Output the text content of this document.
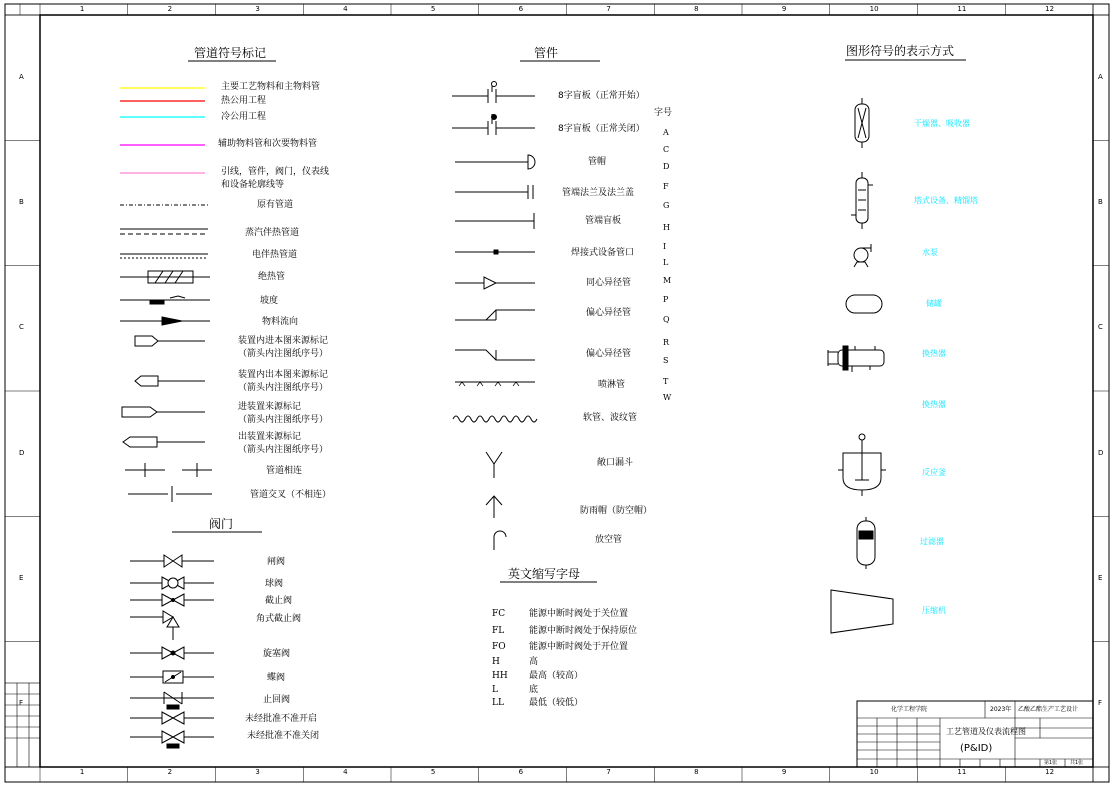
管道符号标记	管件	图形符号的表示方式
阀门
英文缩写字母
主要工艺物料和主物料管
热公用工程
冷公用工程
辅助物料管和次要物料管
引线，管件，阀门，仪表线
和设备轮廓线等
原有管道
蒸汽伴热管道
电伴热管道
绝热管
坡度
物料流向
装置内进本图来源标记
（箭头内注图纸序号）
装置内出本图来源标记
（箭头内注图纸序号）
进装置来源标记
（箭头内注图纸序号）
出装置来源标记
（箭头内注图纸序号）
管道相连
管道交叉（不相连）
闸阀
球阀
截止阀
角式截止阀
旋塞阀
蝶阀
止回阀
未经批准不准开启
未经批准不准关闭
8字盲板（正常开始）
8字盲板（正常关闭）
管帽
管端法兰及法兰盖
管端盲板
焊接式设备管口
同心异径管
偏心异径管
偏心异径管
喷淋管
软管、波纹管
敞口漏斗
防雨帽（防空帽）
放空管
字号
A
C
D
F
G
H
I
L
M
P
Q
R
S
T
W
FC	能源中断时阀处于关位置
FL	能源中断时阀处于保持原位
FO	能源中断时阀处于开位置
H	高
HH 最高（较高）
L	底
LL	最低（较低）
干燥器、吸收器
塔式设备、精馏塔
水泵
储罐
换热器
换热器
反应釜
过滤器
压缩机
1
1
2
2
3
3
4
4
5
5
6
6
7
7
8
8
9
9
10
10
11
11
12
12
A	A
B	B
C	C
D	D
E	E
F	F
化学工程学院	2023年 乙酸乙酯生产工艺设计
工艺管道及仪表流程图
(P&ID)
第1张	共1张
